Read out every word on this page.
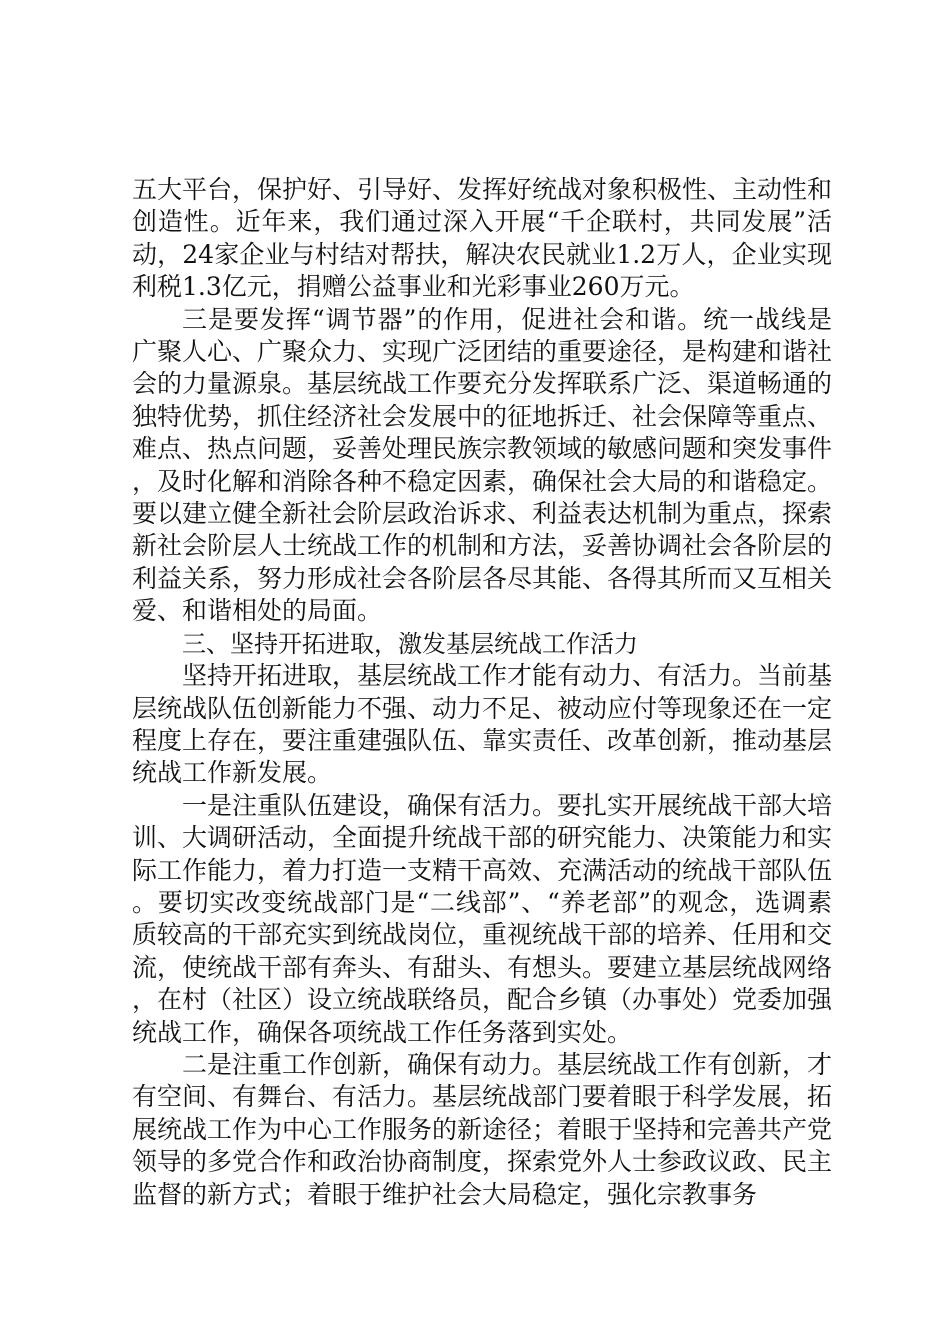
五大平台，保护好、引导好、发挥好统战对象积极性、主动性和创造性。近年来，我们通过深入开展“千企联村，共同发展”活动，24家企业与村结对帮扶，解决农民就业1.2万人，企业实现利税1.3亿元，捐赠公益事业和光彩事业260万元。

三是要发挥“调节器”的作用，促进社会和谐。统一战线是广聚人心、广聚众力、实现广泛团结的重要途径，是构建和谐社会的力量源泉。基层统战工作要充分发挥联系广泛、渠道畅通的独特优势，抓住经济社会发展中的征地拆迁、社会保障等重点、难点、热点问题，妥善处理民族宗教领域的敏感问题和突发事件，及时化解和消除各种不稳定因素，确保社会大局的和谐稳定。要以建立健全新社会阶层政治诉求、利益表达机制为重点，探索新社会阶层人士统战工作的机制和方法，妥善协调社会各阶层的利益关系，努力形成社会各阶层各尽其能、各得其所而又互相关爱、和谐相处的局面。

三、坚持开拓进取，激发基层统战工作活力

坚持开拓进取，基层统战工作才能有动力、有活力。当前基层统战队伍创新能力不强、动力不足、被动应付等现象还在一定程度上存在，要注重建强队伍、靠实责任、改革创新，推动基层统战工作新发展。

一是注重队伍建设，确保有活力。要扎实开展统战干部大培训、大调研活动，全面提升统战干部的研究能力、决策能力和实际工作能力，着力打造一支精干高效、充满活动的统战干部队伍。要切实改变统战部门是“二线部”、“养老部”的观念，选调素质较高的干部充实到统战岗位，重视统战干部的培养、任用和交流，使统战干部有奔头、有甜头、有想头。要建立基层统战网络，在村（社区）设立统战联络员，配合乡镇（办事处）党委加强统战工作，确保各项统战工作任务落到实处。

二是注重工作创新，确保有动力。基层统战工作有创新，才有空间、有舞台、有活力。基层统战部门要着眼于科学发展，拓展统战工作为中心工作服务的新途径；着眼于坚持和完善共产党领导的多党合作和政治协商制度，探索党外人士参政议政、民主监督的新方式；着眼于维护社会大局稳定，强化宗教事务
